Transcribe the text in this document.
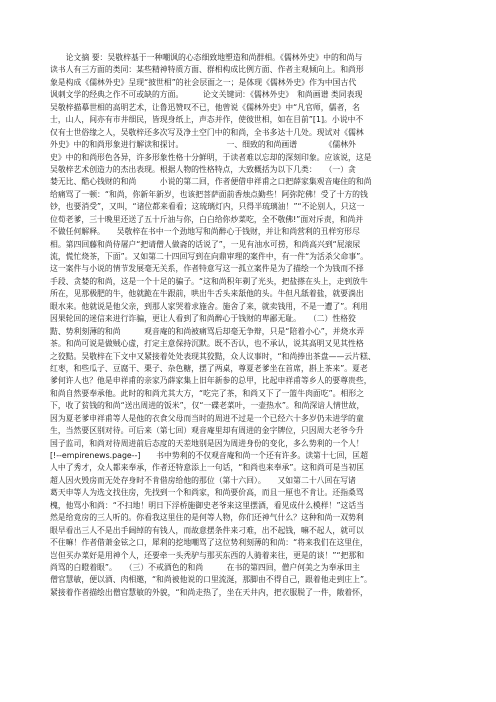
　　论文摘 要：吴敬梓基于一种嘲讽的心态细致地塑造和尚群相。《儒林外史》中的和尚与
读书人有三方面的类同：某些精神特质方面、群相构成比例方面、作者主观倾向上。和尚形
象是构成《儒林外史》呈现“披世相”的社会层面之一；是体现《儒林外史》作为中国古代
讽刺文学的经典之作不可或缺的方面。　　　论文关键词：《儒林外史》　和尚画谱 类同表现
吴敬梓描摹世相的高明艺术，让鲁迅赞叹不已，他曾说《儒林外史》中“凡官师，儒者，名
士，山人，间亦有市井细民，皆现身纸上，声态并作，使彼世相，如在目前”[1]。小说中不
仅有士世俗缘之人，吴敬梓还多次写及净土空门中的和尚，全书多达十几处。现试对《儒林
外史》中的和尚形象进行解读和探讨。　　　　　　一、细致的和尚画谱　　　　《儒林外
史》中的和尚形色各异，许多形象性格十分鲜明，于读者难以忘却的深刻印象。应该说，这是
吴敬梓艺术创造力的杰出表现。根据人物的性格特点，大致概括为以下几类：　　（一）贪
婪无比、酷心钱财的和尚　　　小说的第二回，作者便借申祥甫之口把薛家集观音庵住的和尚
给痛骂了一顿：“和尚，你新年新岁，也该把菩萨面前香烛点勤些！阿弥陀佛！受了十方的钱
钞，也要消受”，又叫，“诸位都来看看；这琉璃灯内，只得半琉璃油！”“不论别人，只这一
位荀老爹，三十晚里还送了五十斤油与你，白白给你炒菜吃，全不敬佛!”面对斥责，和尚并
不做任何解释。　　吴敬梓在书中一个劲地写和尚醉心于钱财，并让和尚营利的丑样穷形尽
相。第四回藤和尚侍屠户“把请僧人做斋的话说了”，一见有油水可捞，和尚高兴到“屁滚尿
流，慌忙烧茶，下面”。又如第二十四回写到在向鼎审理的案件中，有一件“为活杀父命事”。
这一案件与小说的情节发展毫无关系，作者特意写这一孤立案件是为了描绘一个为钱而不择
手段、贪婪的和尚，这是一个十足的骗子。“这和尚积年剃了光头，把盐搽在头上，走到放牛
所在，见那极肥的牛，他就跪在牛跟前，哄出牛舌头来舐他的头。牛但凡舐着盐，就要淌出
眼水来。他就说是他父亲，到那人家哭着求施舍。施舍了来，就卖钱用，不是一遭了”。利用
因果轮回的迷信来进行诈骗，更让人看到了和尚醉心于钱财的卑鄙无耻。　　（二）性格狡
黠、势利刻薄的和尚　　　观音庵的和尚被痛骂后却毫无争辩，只是“陪着小心”，并烧水弄
茶。和尚可说是做贼心虚，打定主意保持沉默。既不否认，也不承认，说其高明又见其性格
之狡黠。吴敬梓在下文中又紧接着处处表现其狡黠，众人议事时，“和尚捧出茶盘——云片糕、
红枣，和些瓜子、豆腐干、栗子、杂色糖，摆了两桌，尊夏老爹坐在首席，斟上茶来”。夏老
爹何许人也？他是申祥甫的亲家乃薛家集上旧年新参的总甲，比起申祥甫等乡人的要尊贵些，
和尚自然要奉承他。此时的和尚尤其大方，“吃完了茶，和尚又下了一篮牛肉面吃”。相形之
下，收了贫钱的和尚“送出周进的饭米”，仅“一碟老菜叶，一壶热水”。和尚深谙人情世故，
因为夏老爹申祥甫等人是他的衣食父母而当时的周进不过是一个已经六十多岁仍未进学的童
生，当然要区别对待。可后来（第七回）观音庵里却有周进的金字牌位，只因周大老爷今升
国子监司，和尚对待周进前后态度的天差地别是因为周进身份的变化，多么势利的一个人！
[!--empirenews.page--]　　书中势利的不仅观音庵和尚一个还有许多。读第十七回，匡超
人中了秀才，众人都来奉承，作者还特意添上一句话，“和尚也来奉承”。这和尚可是当初匡
超人因火毁房而无处存身时不肯借房给他的那位（第十六回）。　　又如第二十八回在写诸
葛天申等人为选文找住房，先找到一个和尚家，和尚要价高，而且一厘也不肯让。还指桑骂
槐，他骂小和尚：“不扫地！明日下浮桥施御史老爷来这里摆酒，看见成什么模样！”这话当
然是给竟房的三人听的。你看我这里住的是何等人物，你们还神气什么？这种和尚一双势利
眼早看出三人不是出手阔绰的有钱人，而故意摆条件来刁难，出不起钱，嘛不起人，就可以
不住嘛！作者借萧金铉之口，犀利的挖地嘲骂了这位势利刻薄的和尚：“将来我们在这里住，
岂但买办菜好是用神个人，还要牵一头秃驴与那买东西的人骑着来往，更是的谈！”“把那和
尚骂的白瞪着眼”。　　（三）不戒酒色的和尚　　　在书的第四回，僧户何美之为奉承田主
僧官慧敏，便以酒、肉相邀，“和尚被他说的口里流涎，那脚由不得自己，跟着他走到庄上”。
紧接着作者描绘出僧官慧敏的外貌，“和尚走热了，坐在天井内，把衣服脱了一件，敞着怀，
